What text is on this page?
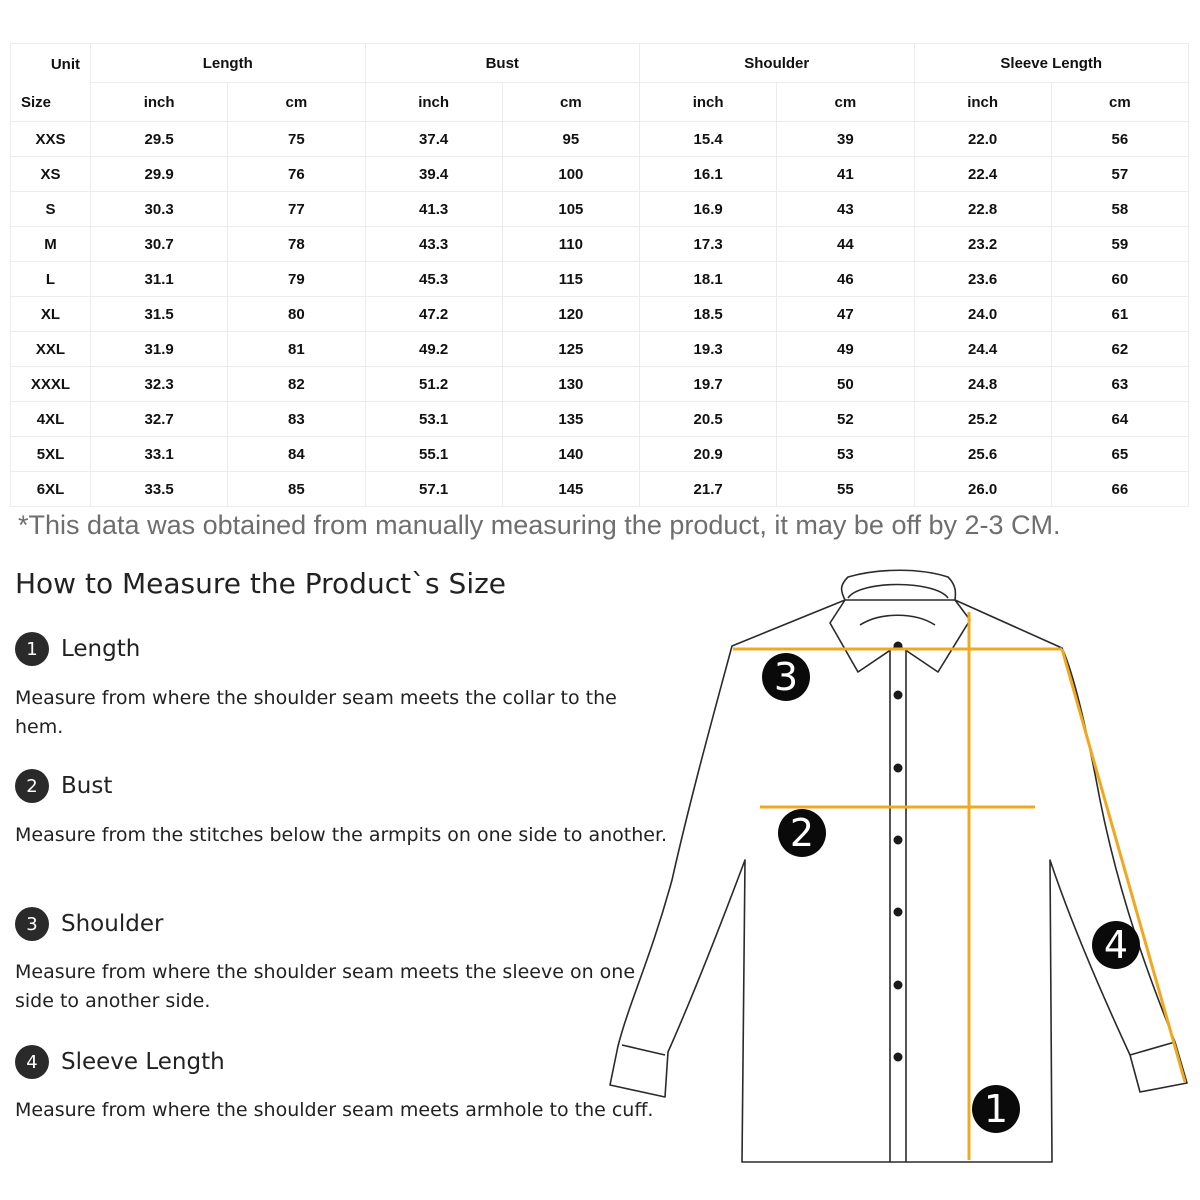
Unit
Size	Length		Bust		Shoulder		Sleeve Length	
	inch	cm	inch	cm	inch	cm	inch	cm
XXS	29.5	75	37.4	95	15.4	39	22.0	56
XS	29.9	76	39.4	100	16.1	41	22.4	57
S	30.3	77	41.3	105	16.9	43	22.8	58
M	30.7	78	43.3	110	17.3	44	23.2	59
L	31.1	79	45.3	115	18.1	46	23.6	60
XL	31.5	80	47.2	120	18.5	47	24.0	61
XXL	31.9	81	49.2	125	19.3	49	24.4	62
XXXL	32.3	82	51.2	130	19.7	50	24.8	63
4XL	32.7	83	53.1	135	20.5	52	25.2	64
5XL	33.1	84	55.1	140	20.9	53	25.6	65
6XL	33.5	85	57.1	145	21.7	55	26.0	66
*This data was obtained from manually measuring the product, it may be off by 2-3 CM.
How to Measure the Product`s Size
1	Length
Measure from where the shoulder seam meets the collar to the hem.
2	Bust
Measure from the stitches below the armpits on one side to another.
3	Shoulder
Measure from where the shoulder seam meets the sleeve on one side to another side.
4	Sleeve Length
Measure from where the shoulder seam meets armhole to the cuff.
3
2
4
1
